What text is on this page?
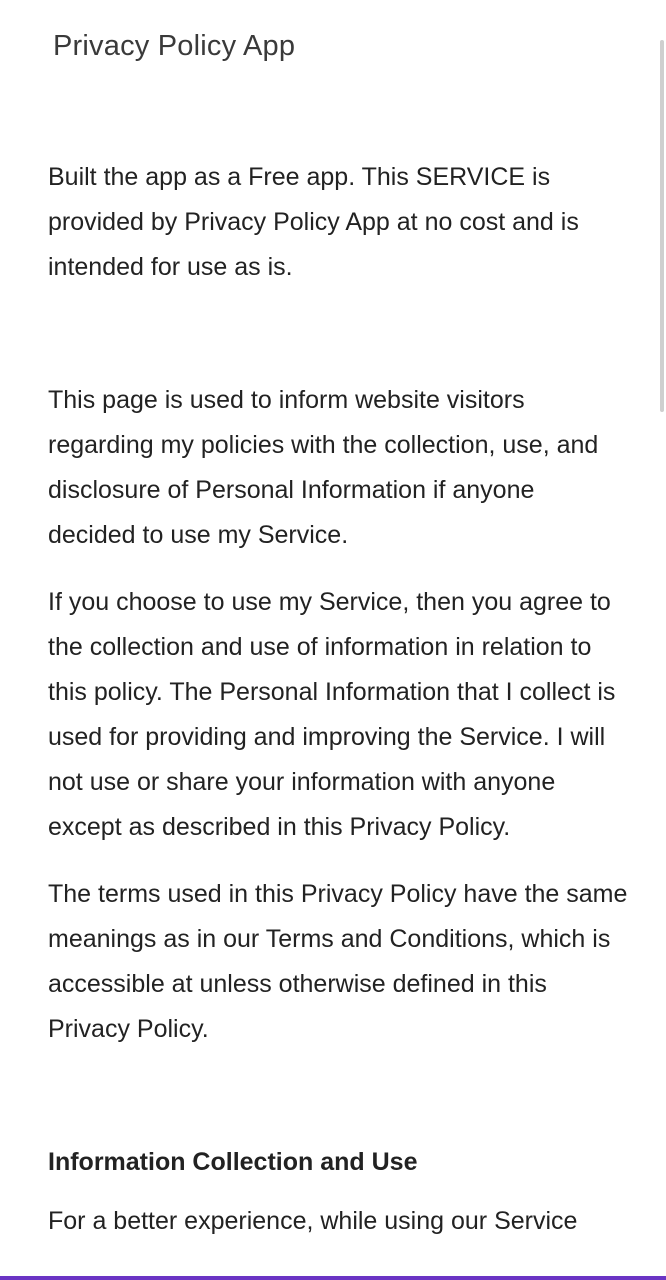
Privacy Policy App

Built the app as a Free app. This SERVICE is provided by Privacy Policy App at no cost and is intended for use as is.

This page is used to inform website visitors regarding my policies with the collection, use, and disclosure of Personal Information if anyone decided to use my Service.

If you choose to use my Service, then you agree to the collection and use of information in relation to this policy. The Personal Information that I collect is used for providing and improving the Service. I will not use or share your information with anyone except as described in this Privacy Policy.

The terms used in this Privacy Policy have the same meanings as in our Terms and Conditions, which is accessible at unless otherwise defined in this Privacy Policy.

Information Collection and Use

For a better experience, while using our Service
